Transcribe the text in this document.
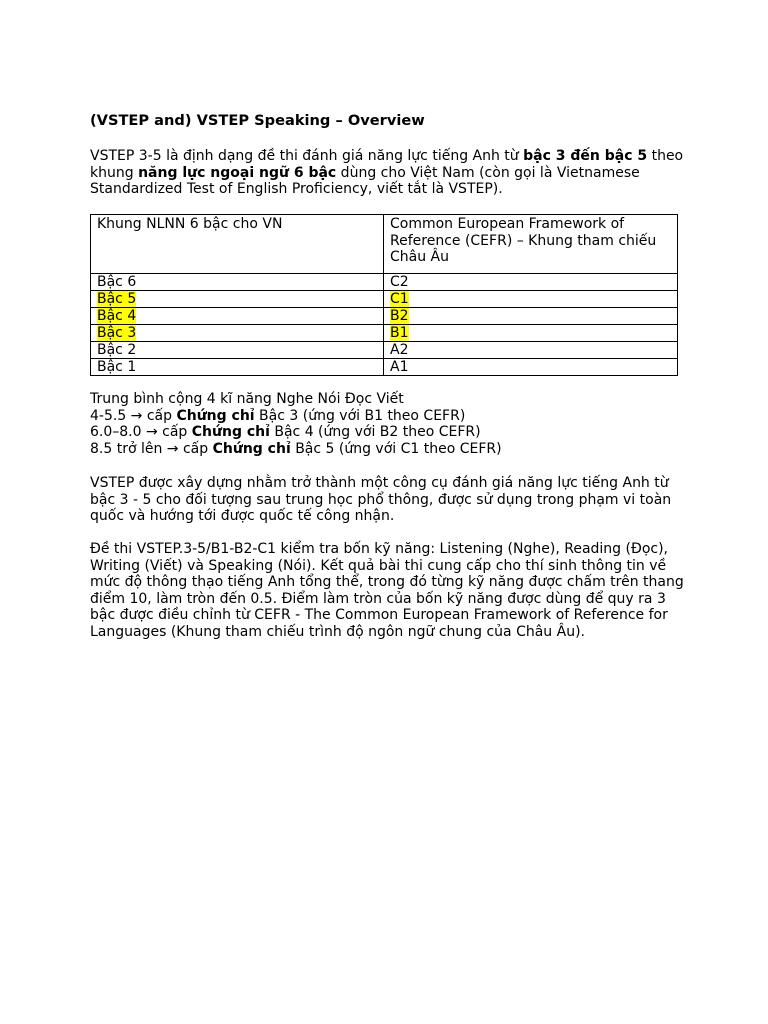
(VSTEP and) VSTEP Speaking – Overview

VSTEP 3-5 là định dạng đề thi đánh giá năng lực tiếng Anh từ bậc 3 đến bậc 5 theo khung năng lực ngoại ngữ 6 bậc dùng cho Việt Nam (còn gọi là Vietnamese Standardized Test of English Proficiency, viết tắt là VSTEP).

Khung NLNN 6 bậc cho VN	Common European Framework of Reference (CEFR) – Khung tham chiếu Châu Âu
Bậc 6	C2
Bậc 5	C1
Bậc 4	B2
Bậc 3	B1
Bậc 2	A2
Bậc 1	A1
Trung bình cộng 4 kĩ năng Nghe Nói Đọc Viết
4-5.5 → cấp Chứng chỉ Bậc 3 (ứng với B1 theo CEFR)
6.0–8.0 → cấp Chứng chỉ Bậc 4 (ứng với B2 theo CEFR)
8.5 trở lên → cấp Chứng chỉ Bậc 5 (ứng với C1 theo CEFR)

VSTEP được xây dựng nhằm trở thành một công cụ đánh giá năng lực tiếng Anh từ bậc 3 - 5 cho đối tượng sau trung học phổ thông, được sử dụng trong phạm vi toàn quốc và hướng tới được quốc tế công nhận.

Đề thi VSTEP.3-5/B1-B2-C1 kiểm tra bốn kỹ năng: Listening (Nghe), Reading (Đọc), Writing (Viết) và Speaking (Nói). Kết quả bài thi cung cấp cho thí sinh thông tin về mức độ thông thạo tiếng Anh tổng thể, trong đó từng kỹ năng được chấm trên thang điểm 10, làm tròn đến 0.5. Điểm làm tròn của bốn kỹ năng được dùng để quy ra 3 bậc được điều chỉnh từ CEFR - The Common European Framework of Reference for Languages (Khung tham chiếu trình độ ngôn ngữ chung của Châu Âu).
